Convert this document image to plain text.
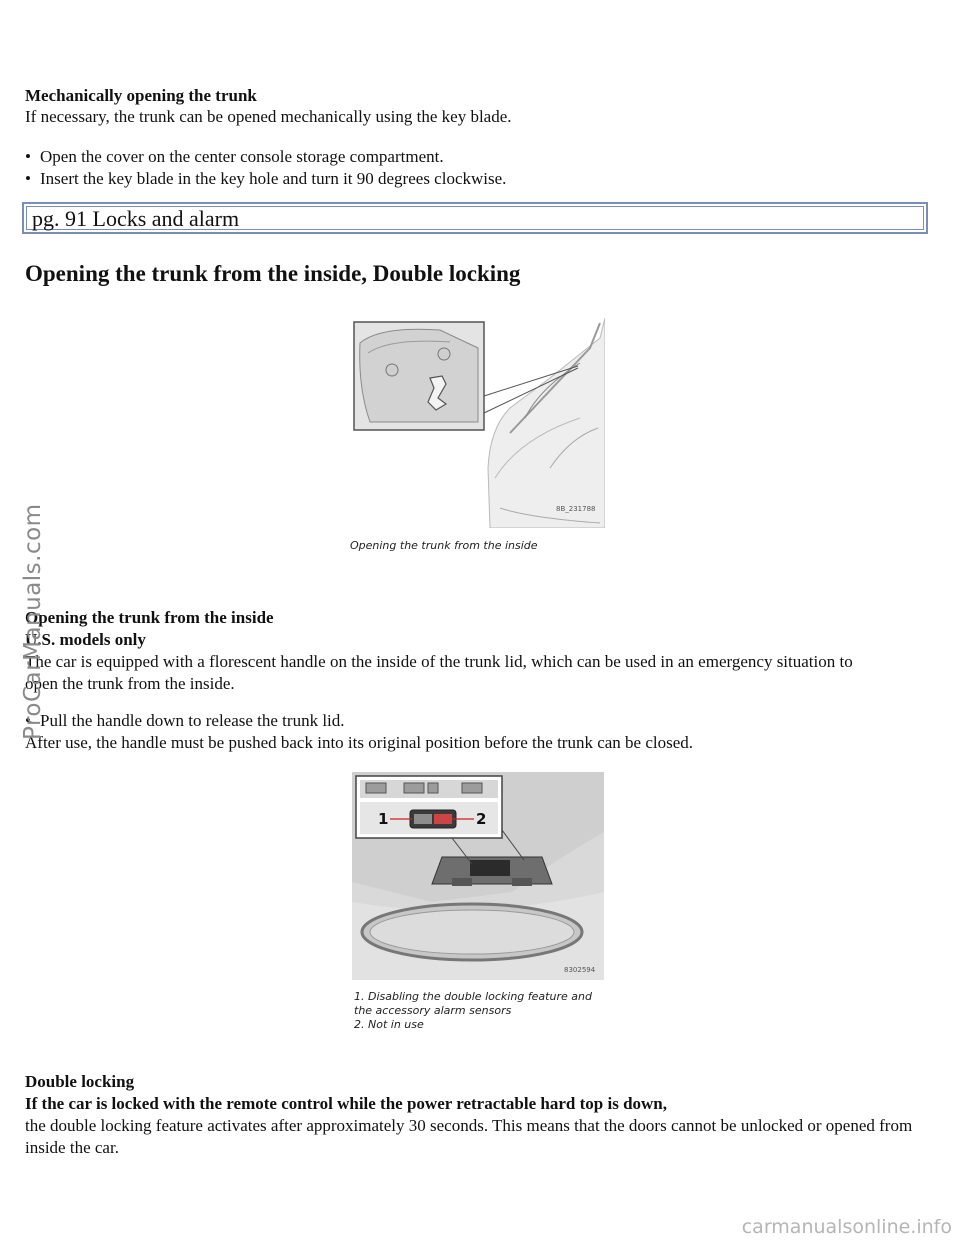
Mechanically opening the trunk
If necessary, the trunk can be opened mechanically using the key blade.
• Open the cover on the center console storage compartment.
• Insert the key blade in the key hole and turn it 90 degrees clockwise.
pg. 91 Locks and alarm
Opening the trunk from the inside, Double locking
8B_231788
Opening the trunk from the inside
Opening the trunk from the inside
U.S. models only
The car is equipped with a florescent handle on the inside of the trunk lid, which can be used in an emergency situation to open the trunk from the inside.
• Pull the handle down to release the trunk lid.
After use, the handle must be pushed back into its original position before the trunk can be closed.
1	2
8302594
1. Disabling the double locking feature and
the accessory alarm sensors
2. Not in use
Double locking
If the car is locked with the remote control while the power retractable hard top is down,
the double locking feature activates after approximately 30 seconds. This means that the doors cannot be unlocked or opened from inside the car.
ProCarManuals.com
carmanualsonline.info
